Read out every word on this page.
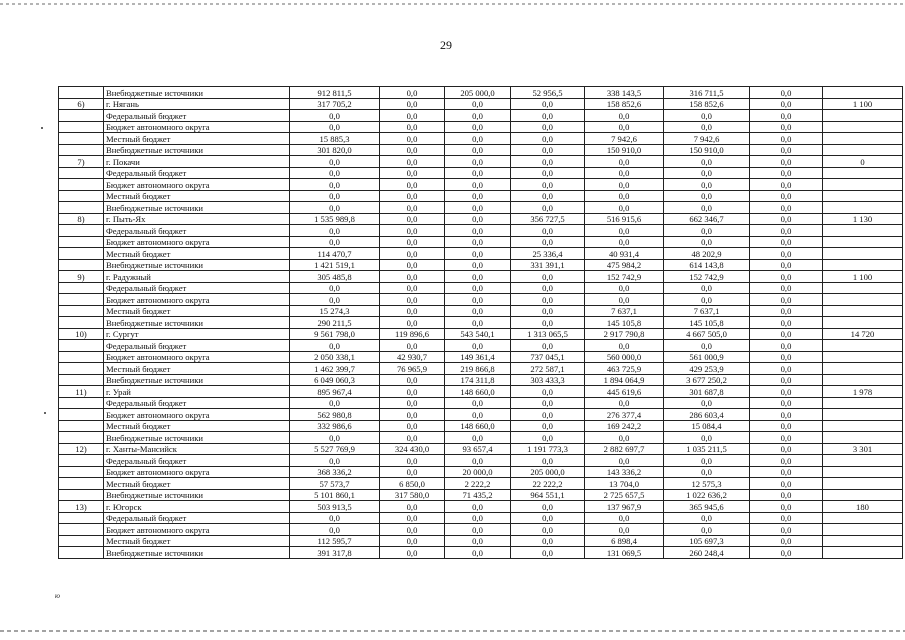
29
	Внебюджетные источники	912 811,5	0,0	205 000,0	52 956,5	338 143,5	316 711,5	0,0	
6)	г. Нягань	317 705,2	0,0	0,0	0,0	158 852,6	158 852,6	0,0	1 100
	Федеральный бюджет	0,0	0,0	0,0	0,0	0,0	0,0	0,0	
	Бюджет автономного округа	0,0	0,0	0,0	0,0	0,0	0,0	0,0	
	Местный бюджет	15 885,3	0,0	0,0	0,0	7 942,6	7 942,6	0,0	
	Внебюджетные источники	301 820,0	0,0	0,0	0,0	150 910,0	150 910,0	0,0	
7)	г. Покачи	0,0	0,0	0,0	0,0	0,0	0,0	0,0	0
	Федеральный бюджет	0,0	0,0	0,0	0,0	0,0	0,0	0,0	
	Бюджет автономного округа	0,0	0,0	0,0	0,0	0,0	0,0	0,0	
	Местный бюджет	0,0	0,0	0,0	0,0	0,0	0,0	0,0	
	Внебюджетные источники	0,0	0,0	0,0	0,0	0,0	0,0	0,0	
8)	г. Пыть-Ях	1 535 989,8	0,0	0,0	356 727,5	516 915,6	662 346,7	0,0	1 130
	Федеральный бюджет	0,0	0,0	0,0	0,0	0,0	0,0	0,0	
	Бюджет автономного округа	0,0	0,0	0,0	0,0	0,0	0,0	0,0	
	Местный бюджет	114 470,7	0,0	0,0	25 336,4	40 931,4	48 202,9	0,0	
	Внебюджетные источники	1 421 519,1	0,0	0,0	331 391,1	475 984,2	614 143,8	0,0	
9)	г. Радужный	305 485,8	0,0	0,0	0,0	152 742,9	152 742,9	0,0	1 100
	Федеральный бюджет	0,0	0,0	0,0	0,0	0,0	0,0	0,0	
	Бюджет автономного округа	0,0	0,0	0,0	0,0	0,0	0,0	0,0	
	Местный бюджет	15 274,3	0,0	0,0	0,0	7 637,1	7 637,1	0,0	
	Внебюджетные источники	290 211,5	0,0	0,0	0,0	145 105,8	145 105,8	0,0	
10)	г. Сургут	9 561 798,0	119 896,6	543 540,1	1 313 065,5	2 917 790,8	4 667 505,0	0,0	14 720
	Федеральный бюджет	0,0	0,0	0,0	0,0	0,0	0,0	0,0	
	Бюджет автономного округа	2 050 338,1	42 930,7	149 361,4	737 045,1	560 000,0	561 000,9	0,0	
	Местный бюджет	1 462 399,7	76 965,9	219 866,8	272 587,1	463 725,9	429 253,9	0,0	
	Внебюджетные источники	6 049 060,3	0,0	174 311,8	303 433,3	1 894 064,9	3 677 250,2	0,0	
11)	г. Урай	895 967,4	0,0	148 660,0	0,0	445 619,6	301 687,8	0,0	1 978
	Федеральный бюджет	0,0	0,0	0,0	0,0	0,0	0,0	0,0	
	Бюджет автономного округа	562 980,8	0,0	0,0	0,0	276 377,4	286 603,4	0,0	
	Местный бюджет	332 986,6	0,0	148 660,0	0,0	169 242,2	15 084,4	0,0	
	Внебюджетные источники	0,0	0,0	0,0	0,0	0,0	0,0	0,0	
12)	г. Ханты-Мансийск	5 527 769,9	324 430,0	93 657,4	1 191 773,3	2 882 697,7	1 035 211,5	0,0	3 301
	Федеральный бюджет	0,0	0,0	0,0	0,0	0,0	0,0	0,0	
	Бюджет автономного округа	368 336,2	0,0	20 000,0	205 000,0	143 336,2	0,0	0,0	
	Местный бюджет	57 573,7	6 850,0	2 222,2	22 222,2	13 704,0	12 575,3	0,0	
	Внебюджетные источники	5 101 860,1	317 580,0	71 435,2	964 551,1	2 725 657,5	1 022 636,2	0,0	
13)	г. Югорск	503 913,5	0,0	0,0	0,0	137 967,9	365 945,6	0,0	180
	Федеральный бюджет	0,0	0,0	0,0	0,0	0,0	0,0	0,0	
	Бюджет автономного округа	0,0	0,0	0,0	0,0	0,0	0,0	0,0	
	Местный бюджет	112 595,7	0,0	0,0	0,0	6 898,4	105 697,3	0,0	
	Внебюджетные источники	391 317,8	0,0	0,0	0,0	131 069,5	260 248,4	0,0	
ю
